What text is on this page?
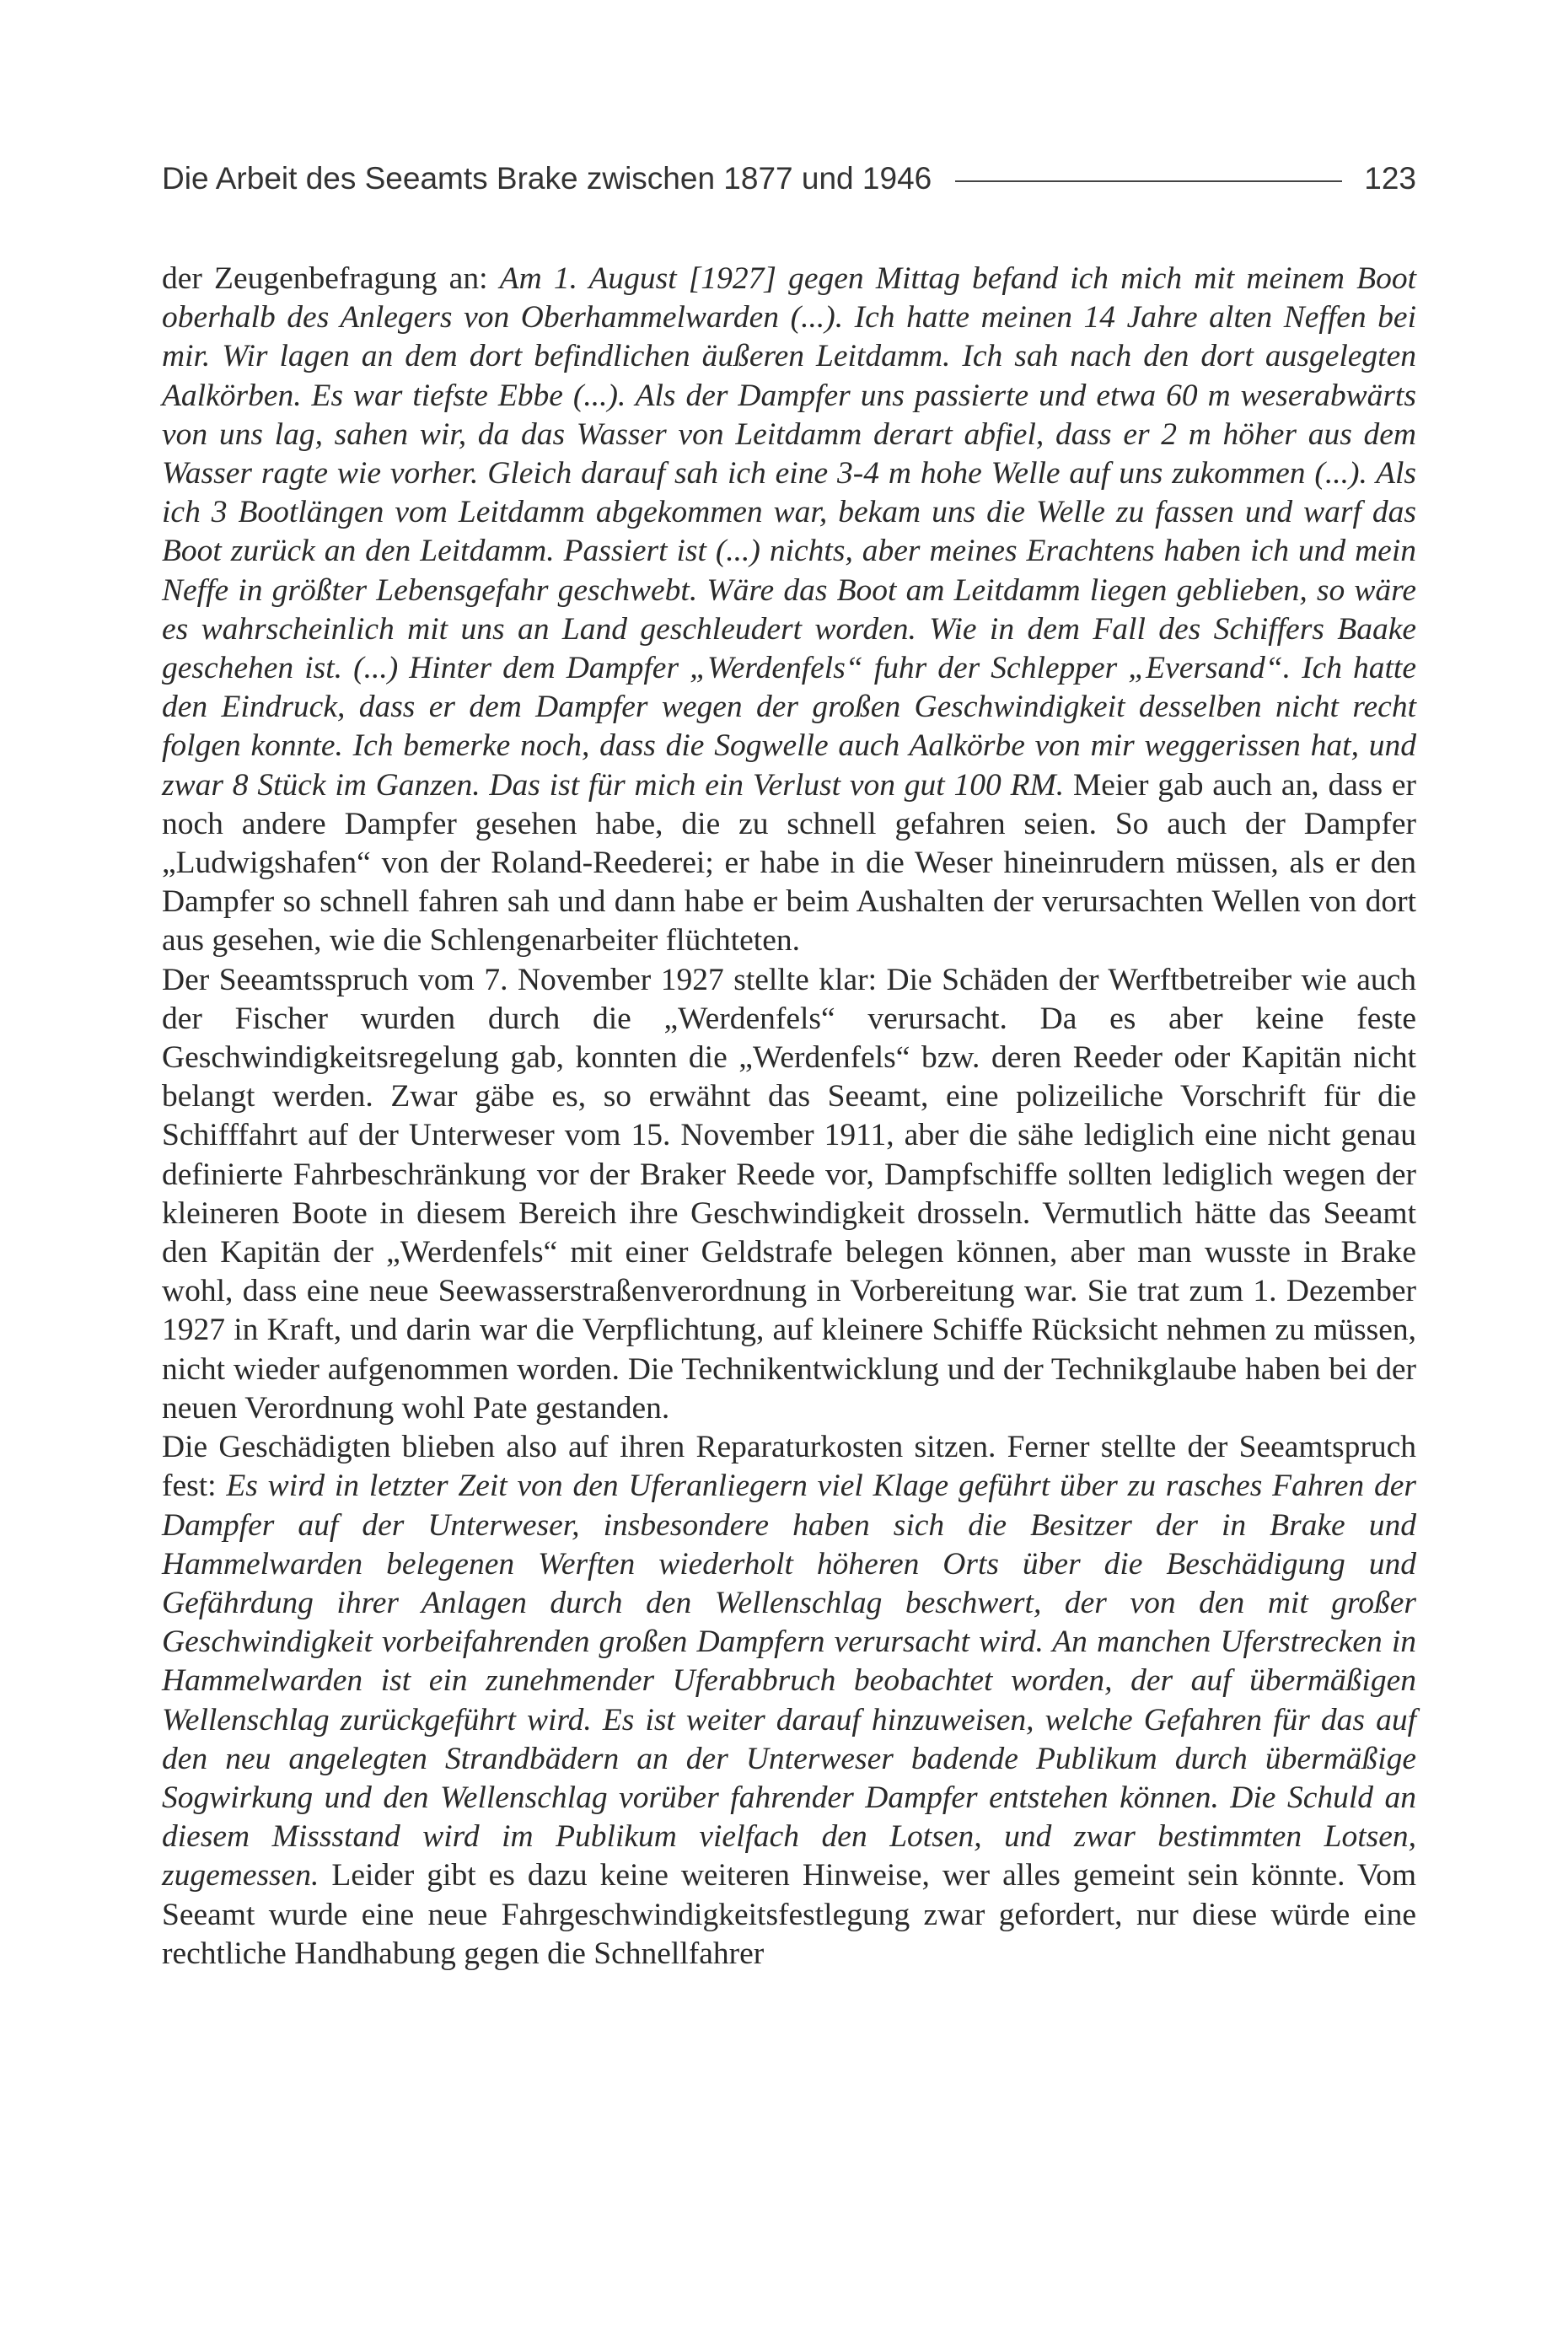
Die Arbeit des Seeamts Brake zwischen 1877 und 1946	123

der Zeugenbefragung an: Am 1. August [1927] gegen Mittag befand ich mich mit meinem Boot oberhalb des Anlegers von Oberhammelwarden (...). Ich hatte meinen 14 Jahre alten Neffen bei mir. Wir lagen an dem dort befindlichen äußeren Leitdamm. Ich sah nach den dort ausgelegten Aalkörben. Es war tiefste Ebbe (...). Als der Dampfer uns passierte und etwa 60 m weserabwärts von uns lag, sahen wir, da das Wasser von Leitdamm derart abfiel, dass er 2 m höher aus dem Wasser ragte wie vorher. Gleich darauf sah ich eine 3-4 m hohe Welle auf uns zukommen (...). Als ich 3 Bootlängen vom Leitdamm abgekommen war, bekam uns die Welle zu fassen und warf das Boot zurück an den Leitdamm. Passiert ist (...) nichts, aber meines Erachtens haben ich und mein Neffe in größter Lebensgefahr geschwebt. Wäre das Boot am Leitdamm liegen geblieben, so wäre es wahrscheinlich mit uns an Land geschleudert worden. Wie in dem Fall des Schiffers Baake geschehen ist. (...) Hinter dem Dampfer „Werdenfels“ fuhr der Schlepper „Eversand“. Ich hatte den Eindruck, dass er dem Dampfer wegen der großen Geschwindigkeit desselben nicht recht folgen konnte. Ich bemerke noch, dass die Sogwelle auch Aalkörbe von mir weggerissen hat, und zwar 8 Stück im Ganzen. Das ist für mich ein Verlust von gut 100 RM. Meier gab auch an, dass er noch andere Dampfer gesehen habe, die zu schnell gefahren seien. So auch der Dampfer „Ludwigshafen“ von der Roland-Reederei; er habe in die Weser hineinrudern müssen, als er den Dampfer so schnell fahren sah und dann habe er beim Aushalten der verursachten Wellen von dort aus gesehen, wie die Schlengenarbeiter flüchteten.

Der Seeamtsspruch vom 7. November 1927 stellte klar: Die Schäden der Werftbetreiber wie auch der Fischer wurden durch die „Werdenfels“ verursacht. Da es aber keine feste Geschwindigkeitsregelung gab, konnten die „Werdenfels“ bzw. deren Reeder oder Kapitän nicht belangt werden. Zwar gäbe es, so erwähnt das Seeamt, eine polizeiliche Vorschrift für die Schifffahrt auf der Unterweser vom 15. November 1911, aber die sähe lediglich eine nicht genau definierte Fahrbeschränkung vor der Braker Reede vor, Dampfschiffe sollten lediglich wegen der kleineren Boote in diesem Bereich ihre Geschwindigkeit drosseln. Vermutlich hätte das Seeamt den Kapitän der „Werdenfels“ mit einer Geldstrafe belegen können, aber man wusste in Brake wohl, dass eine neue Seewasserstraßenverordnung in Vorbereitung war. Sie trat zum 1. Dezember 1927 in Kraft, und darin war die Verpflichtung, auf kleinere Schiffe Rücksicht nehmen zu müssen, nicht wieder aufgenommen worden. Die Technikentwicklung und der Technikglaube haben bei der neuen Verordnung wohl Pate gestanden.

Die Geschädigten blieben also auf ihren Reparaturkosten sitzen. Ferner stellte der Seeamtspruch fest: Es wird in letzter Zeit von den Uferanliegern viel Klage geführt über zu rasches Fahren der Dampfer auf der Unterweser, insbesondere haben sich die Besitzer der in Brake und Hammelwarden belegenen Werften wiederholt höheren Orts über die Beschädigung und Gefährdung ihrer Anlagen durch den Wellenschlag beschwert, der von den mit großer Geschwindigkeit vorbeifahrenden großen Dampfern verursacht wird. An manchen Uferstrecken in Hammelwarden ist ein zunehmender Uferabbruch beobachtet worden, der auf übermäßigen Wellenschlag zurückgeführt wird. Es ist weiter darauf hinzuweisen, welche Gefahren für das auf den neu angelegten Strandbädern an der Unterweser badende Publikum durch übermäßige Sogwirkung und den Wellenschlag vorüber fahrender Dampfer entstehen können. Die Schuld an diesem Missstand wird im Publikum vielfach den Lotsen, und zwar bestimmten Lotsen, zugemessen. Leider gibt es dazu keine weiteren Hinweise, wer alles gemeint sein könnte. Vom Seeamt wurde eine neue Fahrgeschwindigkeitsfestlegung zwar gefordert, nur diese würde eine rechtliche Handhabung gegen die Schnellfahrer
